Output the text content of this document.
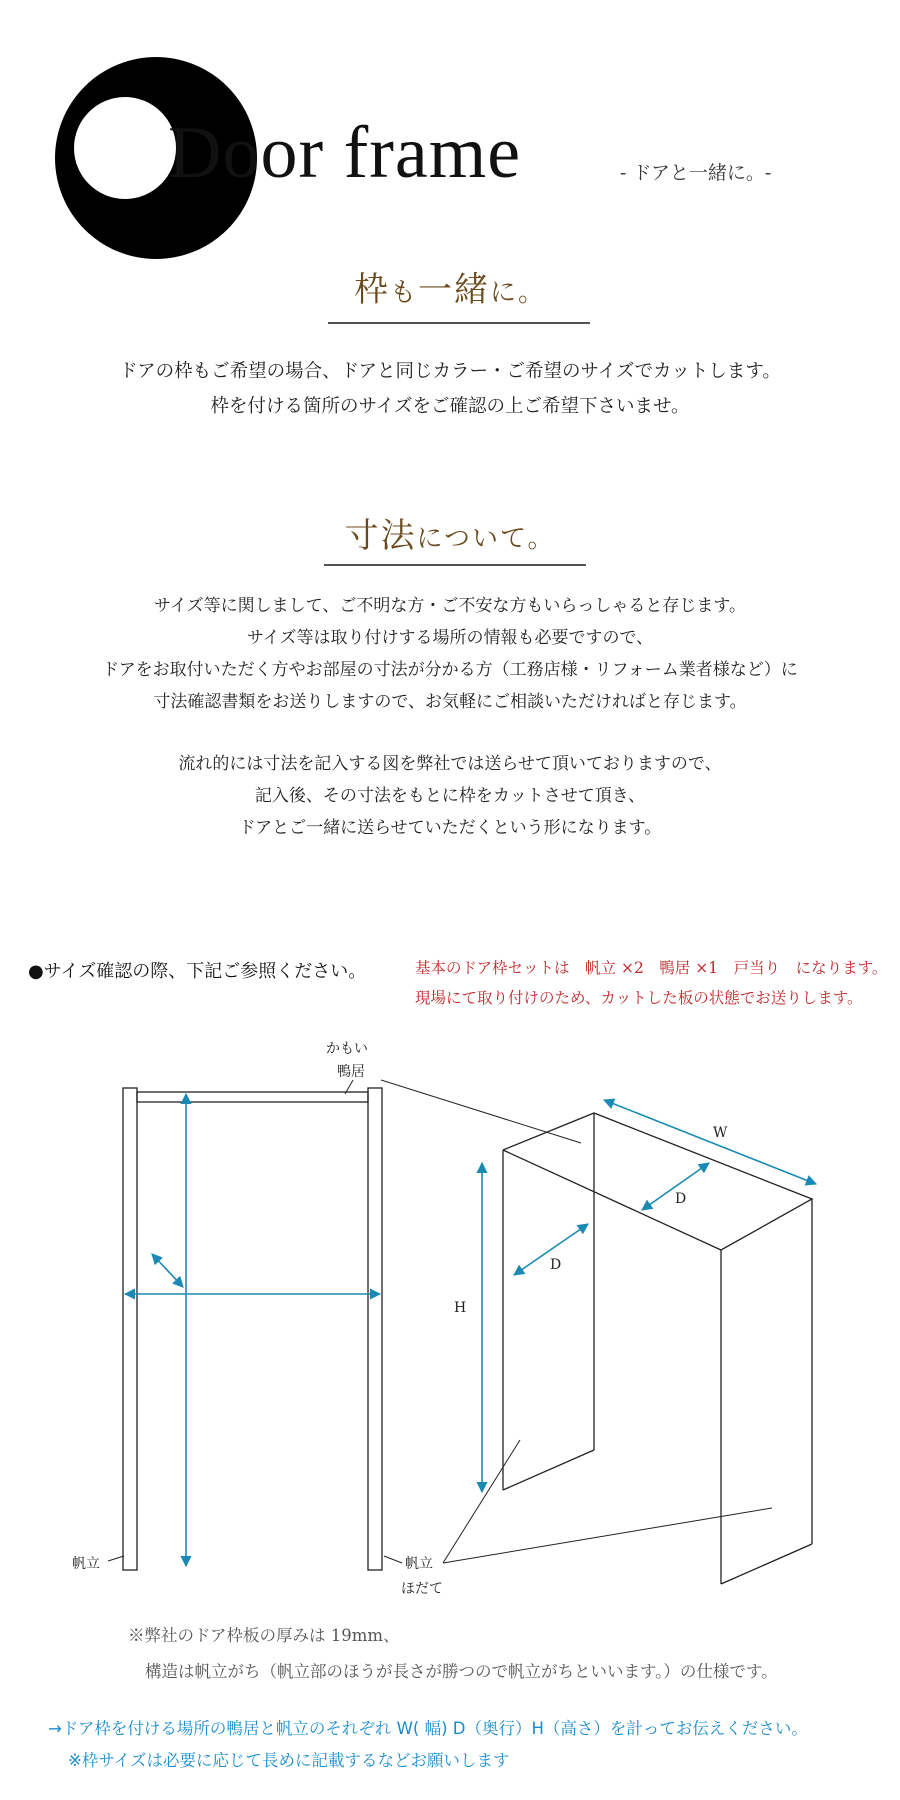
Door frame	- ドアと一緒に。-
枠も一緒に。
ドアの枠もご希望の場合、ドアと同じカラー・ご希望のサイズでカットします。
枠を付ける箇所のサイズをご確認の上ご希望下さいませ。
寸法について。
サイズ等に関しまして、ご不明な方・ご不安な方もいらっしゃると存じます。
サイズ等は取り付けする場所の情報も必要ですので、
ドアをお取付いただく方やお部屋の寸法が分かる方（工務店様・リフォーム業者様など）に
寸法確認書類をお送りしますので、お気軽にご相談いただければと存じます。
流れ的には寸法を記入する図を弊社では送らせて頂いておりますので、
記入後、その寸法をもとに枠をカットさせて頂き、
ドアとご一緒に送らせていただくという形になります。
●サイズ確認の際、下記ご参照ください。	基本のドア枠セットは　帆立 ×2　鴨居 ×1　戸当り　になります。
現場にて取り付けのため、カットした板の状態でお送りします。
かもい
鴨居
帆立	帆立
ほだて
W
D
D
H
※弊社のドア枠板の厚みは 19mm、
構造は帆立がち（帆立部のほうが長さが勝つので帆立がちといいます。）の仕様です。
→ドア枠を付ける場所の鴨居と帆立のそれぞれ W( 幅) D（奥行）H（高さ）を計ってお伝えください。
※枠サイズは必要に応じて長めに記載するなどお願いします
